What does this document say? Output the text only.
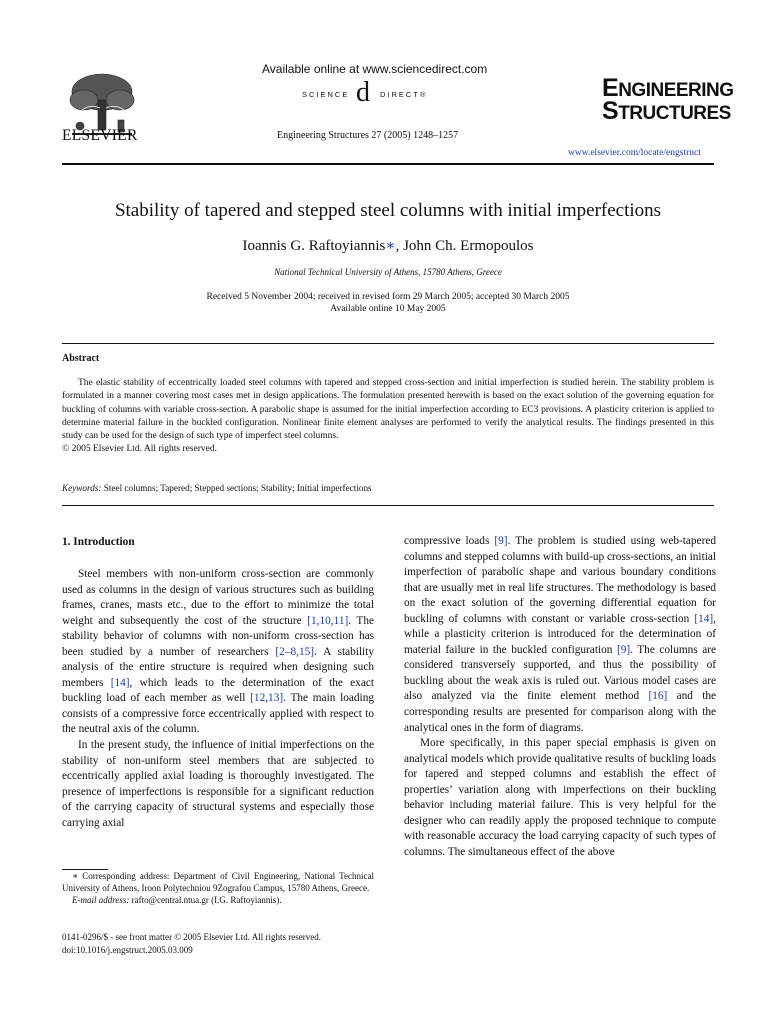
ELSEVIER
Available online at www.sciencedirect.com
SCIENCE d DIRECT®
Engineering Structures 27 (2005) 1248–1257
ENGINEERING
STRUCTURES
www.elsevier.com/locate/engstruct
Stability of tapered and stepped steel columns with initial imperfections
Ioannis G. Raftoyiannis∗, John Ch. Ermopoulos
National Technical University of Athens, 15780 Athens, Greece
Received 5 November 2004; received in revised form 29 March 2005; accepted 30 March 2005
Available online 10 May 2005
Abstract

The elastic stability of eccentrically loaded steel columns with tapered and stepped cross-section and initial imperfection is studied herein. The stability problem is formulated in a manner covering most cases met in design applications. The formulation presented herewith is based on the exact solution of the governing equation for buckling of columns with variable cross-section. A parabolic shape is assumed for the initial imperfection according to EC3 provisions. A plasticity criterion is applied to determine material failure in the buckled configuration. Nonlinear finite element analyses are performed to verify the analytical results. The findings presented in this study can be used for the design of such type of imperfect steel columns.

© 2005 Elsevier Ltd. All rights reserved.

Keywords: Steel columns; Tapered; Stepped sections; Stability; Initial imperfections
1. Introduction

Steel members with non-uniform cross-section are commonly used as columns in the design of various structures such as building frames, cranes, masts etc., due to the effort to minimize the total weight and subsequently the cost of the structure [1,10,11]. The stability behavior of columns with non-uniform cross-section has been studied by a number of researchers [2–8,15]. A stability analysis of the entire structure is required when designing such members [14], which leads to the determination of the exact buckling load of each member as well [12,13]. The main loading consists of a compressive force eccentrically applied with respect to the neutral axis of the column.

In the present study, the influence of initial imperfections on the stability of non-uniform steel members that are subjected to eccentrically applied axial loading is thoroughly investigated. The presence of imperfections is responsible for a significant reduction of the carrying capacity of structural systems and especially those carrying axial

compressive loads [9]. The problem is studied using web-tapered columns and stepped columns with build-up cross-sections, an initial imperfection of parabolic shape and various boundary conditions that are usually met in real life structures. The methodology is based on the exact solution of the governing differential equation for buckling of columns with constant or variable cross-section [14], while a plasticity criterion is introduced for the determination of material failure in the buckled configuration [9]. The columns are considered transversely supported, and thus the possibility of buckling about the weak axis is ruled out. Various model cases are also analyzed via the finite element method [16] and the corresponding results are presented for comparison along with the analytical ones in the form of diagrams.

More specifically, in this paper special emphasis is given on analytical models which provide qualitative results of buckling loads for tapered and stepped columns and establish the effect of properties’ variation along with imperfections on their buckling behavior including material failure. This is very helpful for the designer who can readily apply the proposed technique to compute with reasonable accuracy the load carrying capacity of such types of columns. The simultaneous effect of the above

∗ Corresponding address: Department of Civil Engineering, National Technical University of Athens, Iroon Polytechniou 9Zografou Campus, 15780 Athens, Greece.

E-mail address: rafto@central.ntua.gr (I.G. Raftoyiannis).

0141-0296/$ - see front matter © 2005 Elsevier Ltd. All rights reserved.
doi:10.1016/j.engstruct.2005.03.009
